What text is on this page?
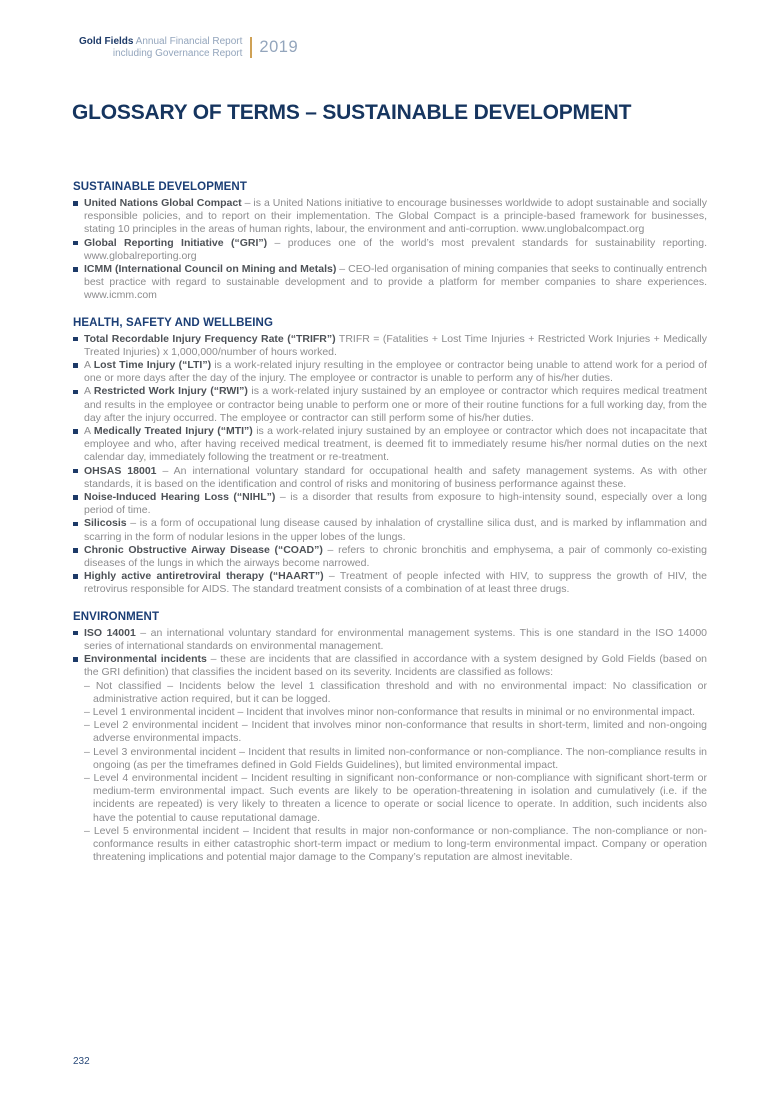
Gold Fields Annual Financial Report
including Governance Report 2019
GLOSSARY OF TERMS – SUSTAINABLE DEVELOPMENT
SUSTAINABLE DEVELOPMENT
United Nations Global Compact – is a United Nations initiative to encourage businesses worldwide to adopt sustainable and socially responsible policies, and to report on their implementation. The Global Compact is a principle-based framework for businesses, stating 10 principles in the areas of human rights, labour, the environment and anti-corruption. www.unglobalcompact.org
Global Reporting Initiative (“GRI”) – produces one of the world’s most prevalent standards for sustainability reporting. www.globalreporting.org
ICMM (International Council on Mining and Metals) – CEO-led organisation of mining companies that seeks to continually entrench best practice with regard to sustainable development and to provide a platform for member companies to share experiences. www.icmm.com
HEALTH, SAFETY AND WELLBEING
Total Recordable Injury Frequency Rate (“TRIFR”) TRIFR = (Fatalities + Lost Time Injuries + Restricted Work Injuries + Medically Treated Injuries) x 1,000,000/number of hours worked.
A Lost Time Injury (“LTI”) is a work-related injury resulting in the employee or contractor being unable to attend work for a period of one or more days after the day of the injury. The employee or contractor is unable to perform any of his/her duties.
A Restricted Work Injury (“RWI”) is a work-related injury sustained by an employee or contractor which requires medical treatment and results in the employee or contractor being unable to perform one or more of their routine functions for a full working day, from the day after the injury occurred. The employee or contractor can still perform some of his/her duties.
A Medically Treated Injury (“MTI”) is a work-related injury sustained by an employee or contractor which does not incapacitate that employee and who, after having received medical treatment, is deemed fit to immediately resume his/her normal duties on the next calendar day, immediately following the treatment or re-treatment.
OHSAS 18001 – An international voluntary standard for occupational health and safety management systems. As with other standards, it is based on the identification and control of risks and monitoring of business performance against these.
Noise-Induced Hearing Loss (“NIHL”) – is a disorder that results from exposure to high-intensity sound, especially over a long period of time.
Silicosis – is a form of occupational lung disease caused by inhalation of crystalline silica dust, and is marked by inflammation and scarring in the form of nodular lesions in the upper lobes of the lungs.
Chronic Obstructive Airway Disease (“COAD”) – refers to chronic bronchitis and emphysema, a pair of commonly co-existing diseases of the lungs in which the airways become narrowed.
Highly active antiretroviral therapy (“HAART”) – Treatment of people infected with HIV, to suppress the growth of HIV, the retrovirus responsible for AIDS. The standard treatment consists of a combination of at least three drugs.
ENVIRONMENT
ISO 14001 – an international voluntary standard for environmental management systems. This is one standard in the ISO 14000 series of international standards on environmental management.
Environmental incidents – these are incidents that are classified in accordance with a system designed by Gold Fields (based on the GRI definition) that classifies the incident based on its severity. Incidents are classified as follows:

– Not classified – Incidents below the level 1 classification threshold and with no environmental impact: No classification or administrative action required, but it can be logged.

– Level 1 environmental incident – Incident that involves minor non-conformance that results in minimal or no environmental impact.

– Level 2 environmental incident – Incident that involves minor non-conformance that results in short-term, limited and non-ongoing adverse environmental impacts.

– Level 3 environmental incident – Incident that results in limited non-conformance or non-compliance. The non-compliance results in ongoing (as per the timeframes defined in Gold Fields Guidelines), but limited environmental impact.

– Level 4 environmental incident – Incident resulting in significant non-conformance or non-compliance with significant short-term or medium-term environmental impact. Such events are likely to be operation-threatening in isolation and cumulatively (i.e. if the incidents are repeated) is very likely to threaten a licence to operate or social licence to operate. In addition, such incidents also have the potential to cause reputational damage.

– Level 5 environmental incident – Incident that results in major non-conformance or non-compliance. The non-compliance or non-conformance results in either catastrophic short-term impact or medium to long-term environmental impact. Company or operation threatening implications and potential major damage to the Company’s reputation are almost inevitable.

232
